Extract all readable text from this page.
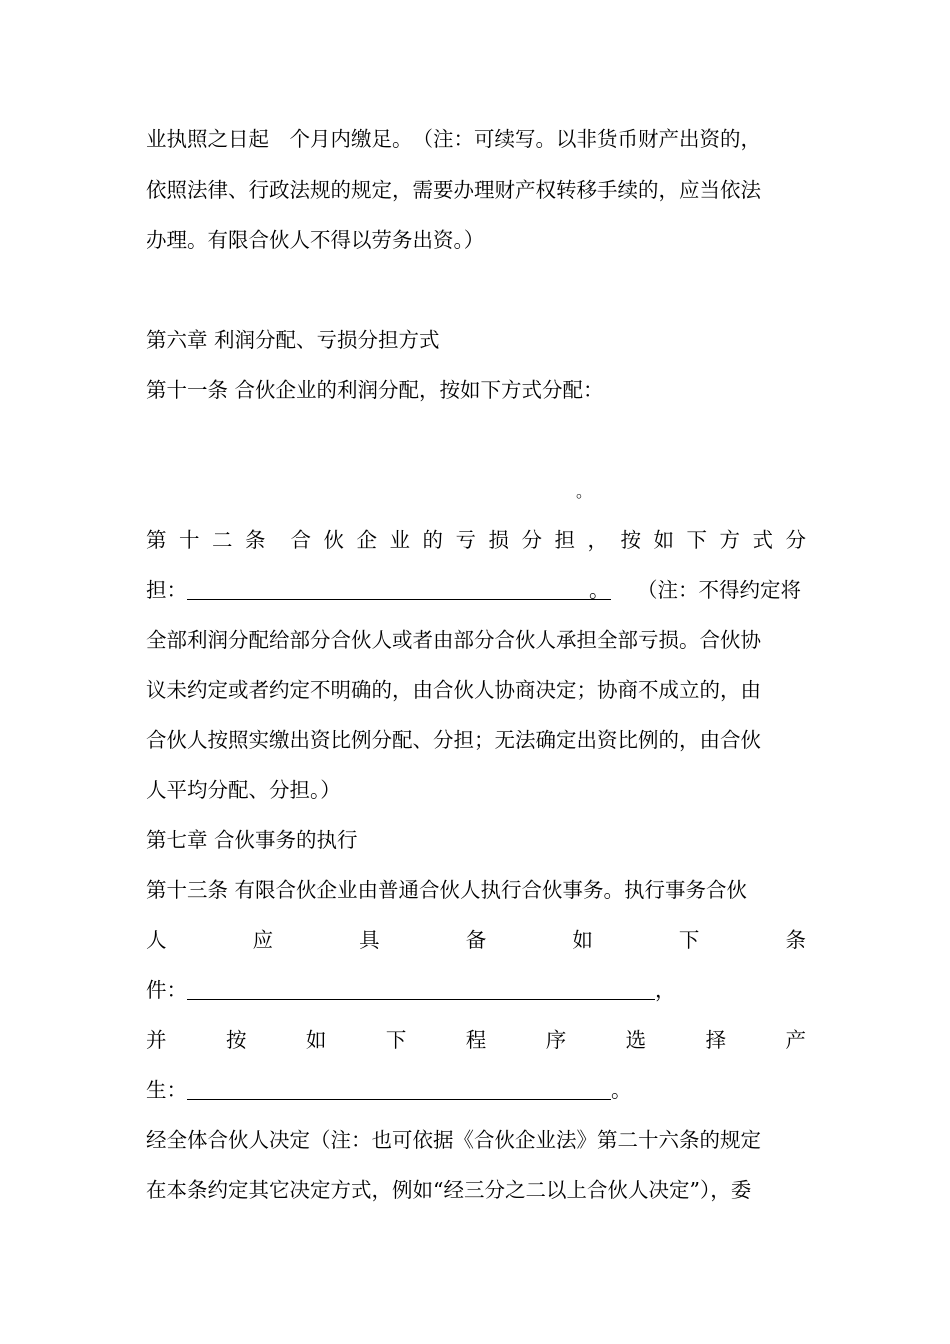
业执照之日起　个月内缴足。　（注：可续写。以非货币财产出资的，
依照法律、行政法规的规定，需要办理财产权转移手续的，应当依法
办理。有限合伙人不得以劳务出资。）
第六章 利润分配、亏损分担方式
第十一条 合伙企业的利润分配，按如下方式分配：
。
第 十 二 条 合 伙 企 业 的 亏 损 分 担 ， 按 如 下 方 式 分
担：	。 （注：不得约定将
全部利润分配给部分合伙人或者由部分合伙人承担全部亏损。合伙协
议未约定或者约定不明确的，由合伙人协商决定；协商不成立的，由
合伙人按照实缴出资比例分配、分担；无法确定出资比例的，由合伙
人平均分配、分担。）
第七章 合伙事务的执行
第十三条 有限合伙企业由普通合伙人执行合伙事务。执行事务合伙
人	应	具	备	如	下	条
件：	，
并	按	如	下	程	序	选	择	产
生：	。
经全体合伙人决定（注：也可依据《合伙企业法》第二十六条的规定
在本条约定其它决定方式，例如“经三分之二以上合伙人决定”），委
